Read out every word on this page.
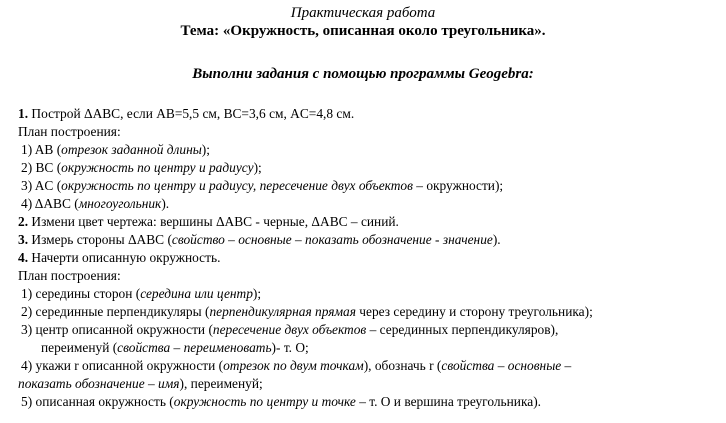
Практическая работа
Тема: «Окружность, описанная около треугольника».
Выполни задания с помощью программы Geogebra:
1. Построй ΔABC, если AB=5,5 см, BC=3,6 см, AC=4,8 см.
План построения:
1) AB (отрезок заданной длины);
2) BC (окружность по центру и радиусу);
3) AC (окружность по центру и радиусу, пересечение двух объектов – окружности);
4) ΔABC (многоугольник).
2. Измени цвет чертежа: вершины ΔABC - черные, ΔABC – синий.
3. Измерь стороны ΔABC (свойство – основные – показать обозначение - значение).
4. Начерти описанную окружность.
План построения:
1) середины сторон (середина или центр);
2) серединные перпендикуляры (перпендикулярная прямая через середину и сторону треугольника);
3) центр описанной окружности (пересечение двух объектов – серединных перпендикуляров),
переименуй (свойства – переименовать)- т. O;
4) укажи r описанной окружности (отрезок по двум точкам), обозначь r (свойства – основные –
показать обозначение – имя), переименуй;
5) описанная окружность (окружность по центру и точке – т. O и вершина треугольника).
